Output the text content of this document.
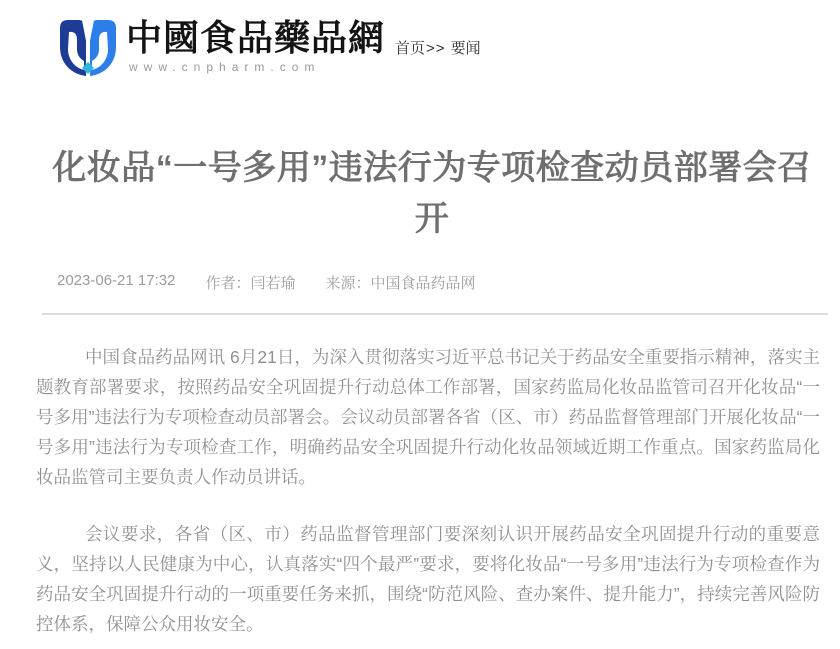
中國食品藥品網
www.cnpharm.com
首页>> 要闻
化妆品“一号多用”违法行为专项检查动员部署会召开
2023-06-21 17:32 作者：闫若瑜 来源：中国食品药品网

中国食品药品网讯 6月21日，为深入贯彻落实习近平总书记关于药品安全重要指示精神，落实主题教育部署要求，按照药品安全巩固提升行动总体工作部署，国家药监局化妆品监管司召开化妆品“一号多用”违法行为专项检查动员部署会。会议动员部署各省（区、市）药品监督管理部门开展化妆品“一号多用”违法行为专项检查工作，明确药品安全巩固提升行动化妆品领域近期工作重点。国家药监局化妆品监管司主要负责人作动员讲话。

会议要求，各省（区、市）药品监督管理部门要深刻认识开展药品安全巩固提升行动的重要意义，坚持以人民健康为中心，认真落实“四个最严”要求，要将化妆品“一号多用”违法行为专项检查作为药品安全巩固提升行动的一项重要任务来抓，围绕“防范风险、查办案件、提升能力”，持续完善风险防控体系，保障公众用妆安全。
